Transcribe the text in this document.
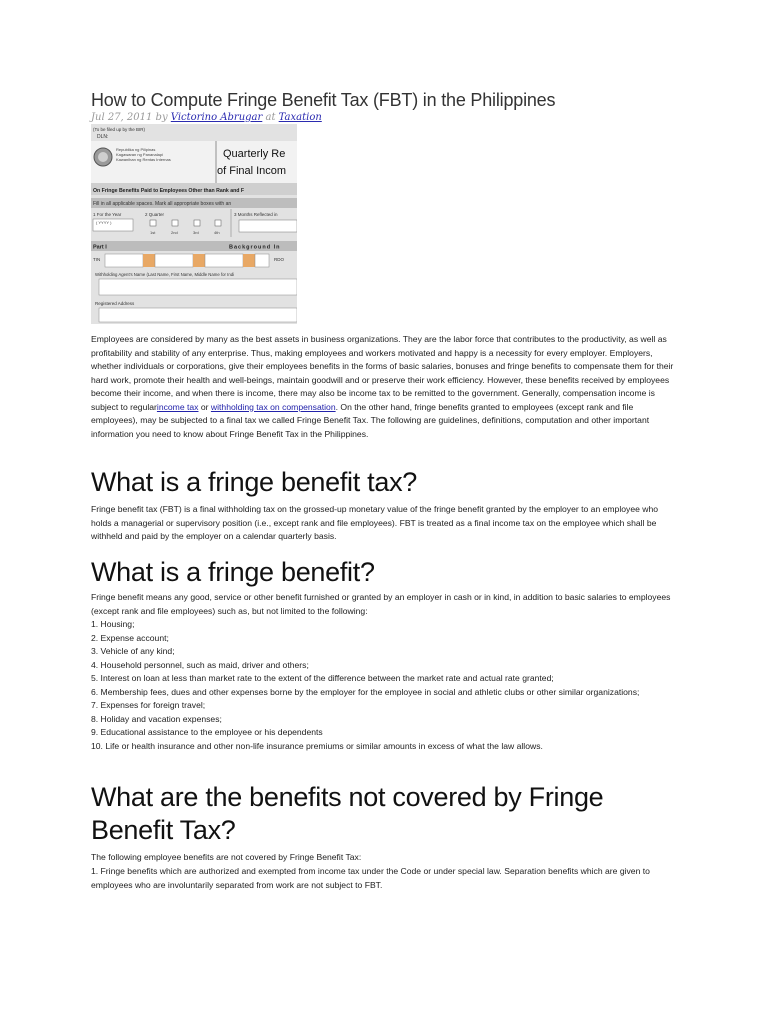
How to Compute Fringe Benefit Tax (FBT) in the Philippines
Jul 27, 2011 by Victorino Abrugar at Taxation
(To be filed up by the BIR)
DLN:
Republika ng Pilipinas
Kagawaran ng Pananalapi
Kawanihan ng Rentas Internas	Quarterly Re
of Final Incom
On Fringe Benefits Paid to Employees Other than Rank and F
Fill in all applicable spaces. Mark all appropriate boxes with an
1 For the Year
( YYYY )
2 Quarter
1st	2nd	3rd	4th
3 Months Reflected in
Part I	Background In
TIN	RDO
Withholding Agent's Name (Last Name, First Name, Middle Name for Indi
Registered Address
Employees are considered by many as the best assets in business organizations. They are the labor force that contributes to the productivity, as well as profitability and stability of any enterprise. Thus, making employees and workers motivated and happy is a necessity for every employer. Employers, whether individuals or corporations, give their employees benefits in the forms of basic salaries, bonuses and fringe benefits to compensate them for their hard work, promote their health and well-beings, maintain goodwill and or preserve their work efficiency. However, these benefits received by employees become their income, and when there is income, there may also be income tax to be remitted to the government. Generally, compensation income is subject to regularincome tax or withholding tax on compensation. On the other hand, fringe benefits granted to employees (except rank and file employees), may be subjected to a final tax we called Fringe Benefit Tax. The following are guidelines, definitions, computation and other important information you need to know about Fringe Benefit Tax in the Philippines.
What is a fringe benefit tax?
Fringe benefit tax (FBT) is a final withholding tax on the grossed-up monetary value of the fringe benefit granted by the employer to an employee who holds a managerial or supervisory position (i.e., except rank and file employees). FBT is treated as a final income tax on the employee which shall be withheld and paid by the employer on a calendar quarterly basis.
What is a fringe benefit?
Fringe benefit means any good, service or other benefit furnished or granted by an employer in cash or in kind, in addition to basic salaries to employees (except rank and file employees) such as, but not limited to the following:
1. Housing;
2. Expense account;
3. Vehicle of any kind;
4. Household personnel, such as maid, driver and others;
5. Interest on loan at less than market rate to the extent of the difference between the market rate and actual rate granted;
6. Membership fees, dues and other expenses borne by the employer for the employee in social and athletic clubs or other similar organizations;
7. Expenses for foreign travel;
8. Holiday and vacation expenses;
9. Educational assistance to the employee or his dependents
10. Life or health insurance and other non-life insurance premiums or similar amounts in excess of what the law allows.
What are the benefits not covered by Fringe
Benefit Tax?
The following employee benefits are not covered by Fringe Benefit Tax:
1. Fringe benefits which are authorized and exempted from income tax under the Code or under special law. Separation benefits which are given to employees who are involuntarily separated from work are not subject to FBT.
